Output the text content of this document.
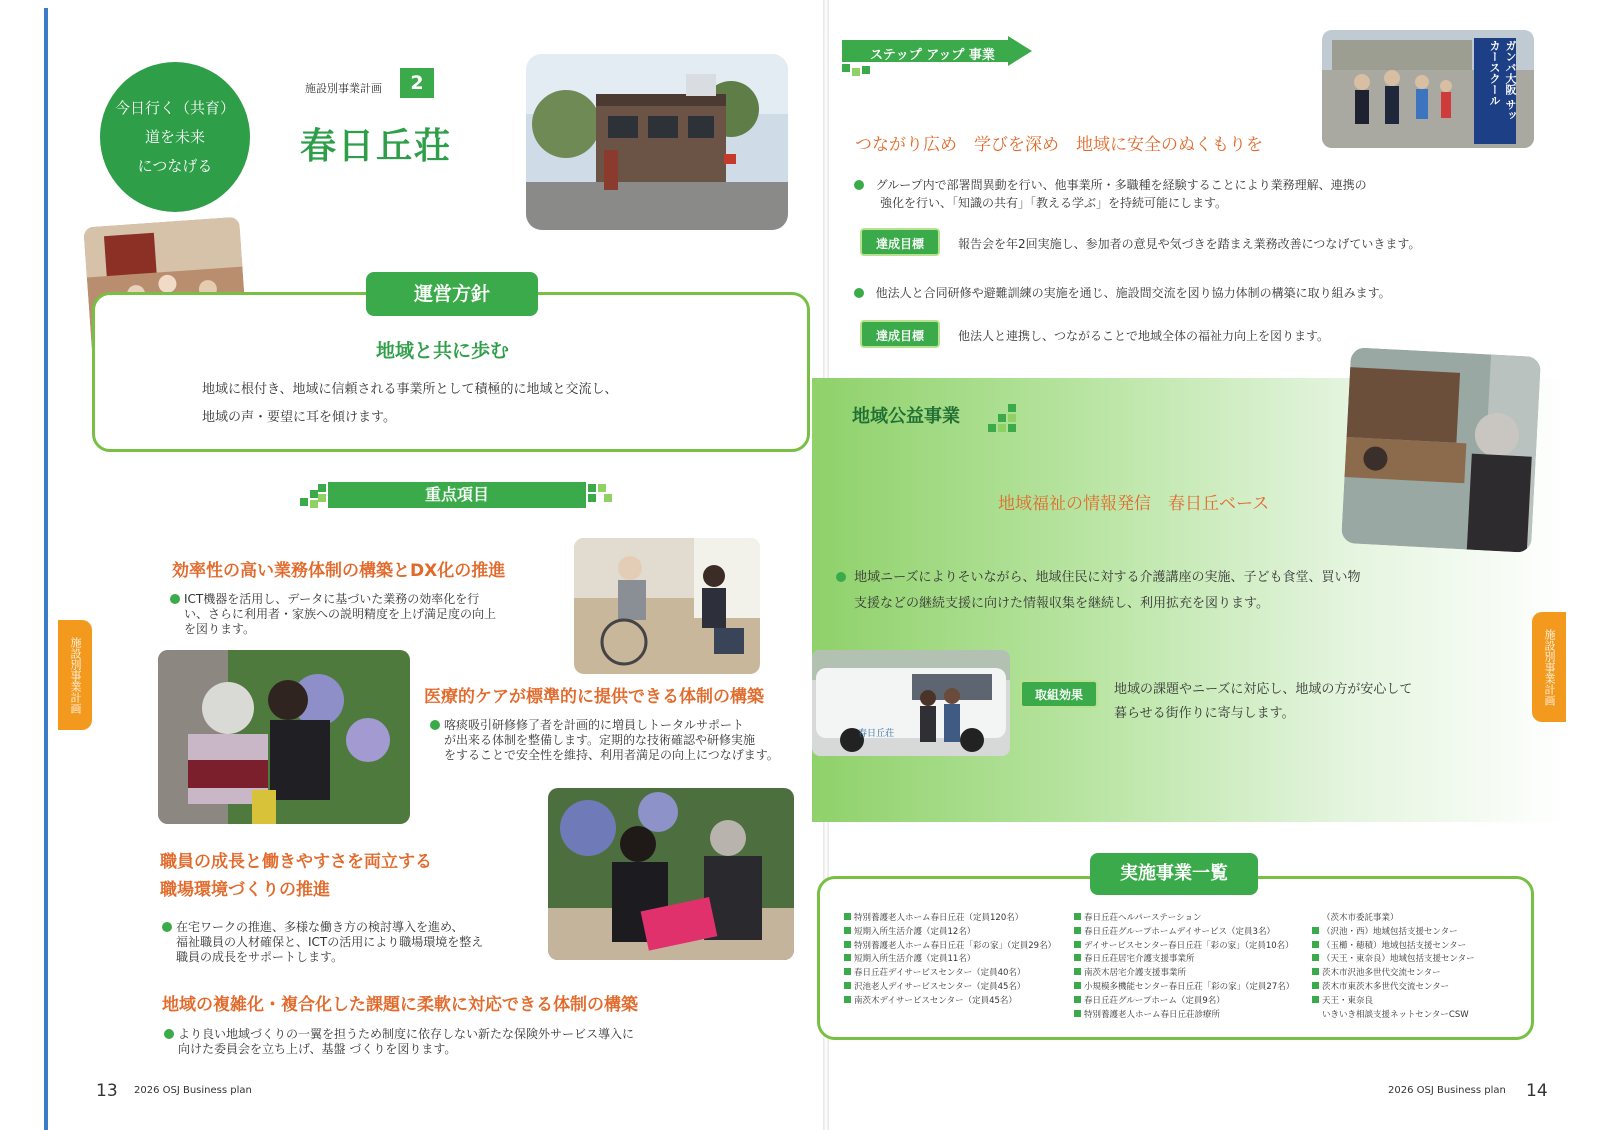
今日行く（共育）
道を未来
につなげる
施設別事業計画	2
春日丘荘
運営方針
地域と共に歩む
地域に根付き、地域に信頼される事業所として積極的に地域と交流し、
地域の声・要望に耳を傾けます。
重点項目
効率性の高い業務体制の構築とDX化の推進
ICT機器を活用し、データに基づいた業務の効率化を行
い、さらに利用者・家族への説明精度を上げ満足度の向上
を図ります。
医療的ケアが標準的に提供できる体制の構築
喀痰吸引研修修了者を計画的に増員しトータルサポート
が出来る体制を整備します。定期的な技術確認や研修実施
をすることで安全性を維持、利用者満足の向上につなげます。
職員の成長と働きやすさを両立する
職場環境づくりの推進
在宅ワークの推進、多様な働き方の検討導入を進め、
福祉職員の人材確保と、ICTの活用により職場環境を整え
職員の成長をサポートします。
地域の複雑化・複合化した課題に柔軟に対応できる体制の構築
より良い地域づくりの一翼を担うため制度に依存しない新たな保険外サービス導入に
向けた委員会を立ち上げ、基盤 づくりを図ります。
施設別事業計画
13 2026 OSJ Business plan
ステップ アップ 事業
つながり広め　学びを深め　地域に安全のぬくもりを
ガンバ大阪 サッカースクール
グループ内で部署間異動を行い、他事業所・多職種を経験することにより業務理解、連携の
強化を行い、「知識の共有」「教える学ぶ」を持続可能にします。
達成目標	報告会を年2回実施し、参加者の意見や気づきを踏まえ業務改善につなげていきます。
他法人と合同研修や避難訓練の実施を通じ、施設間交流を図り協力体制の構築に取り組みます。
達成目標	他法人と連携し、つながることで地域全体の福祉力向上を図ります。
地域公益事業
地域福祉の情報発信　春日丘ベース
地域ニーズによりそいながら、地域住民に対する介護講座の実施、子ども食堂、買い物
支援などの継続支援に向けた情報収集を継続し、利用拡充を図ります。
春日丘荘
取組効果	地域の課題やニーズに対応し、地域の方が安心して
暮らせる街作りに寄与します。
実施事業一覧
特別養護老人ホーム春日丘荘（定員120名）
短期入所生活介護（定員12名）
特別養護老人ホーム春日丘荘「彩の家」（定員29名）
短期入所生活介護（定員11名）
春日丘荘デイサービスセンター（定員40名）
沢池老人デイサービスセンター（定員45名）
南茨木デイサービスセンター（定員45名）
春日丘荘ヘルパーステーション
春日丘荘グループホームデイサービス（定員3名）
デイサービスセンター春日丘荘「彩の家」（定員10名）
春日丘荘居宅介護支援事業所
南茨木居宅介護支援事業所
小規模多機能センター春日丘荘「彩の家」（定員27名）
春日丘荘グループホーム（定員9名）
特別養護老人ホーム春日丘荘診療所
（茨木市委託事業）
（沢池・西）地域包括支援センター
（玉櫛・穂積）地域包括支援センター
（天王・東奈良）地域包括支援センター
茨木市沢池多世代交流センター
茨木市東茨木多世代交流センター
天王・東奈良
いきいき相談支援ネットセンターCSW
施設別事業計画
2026 OSJ Business plan 14
